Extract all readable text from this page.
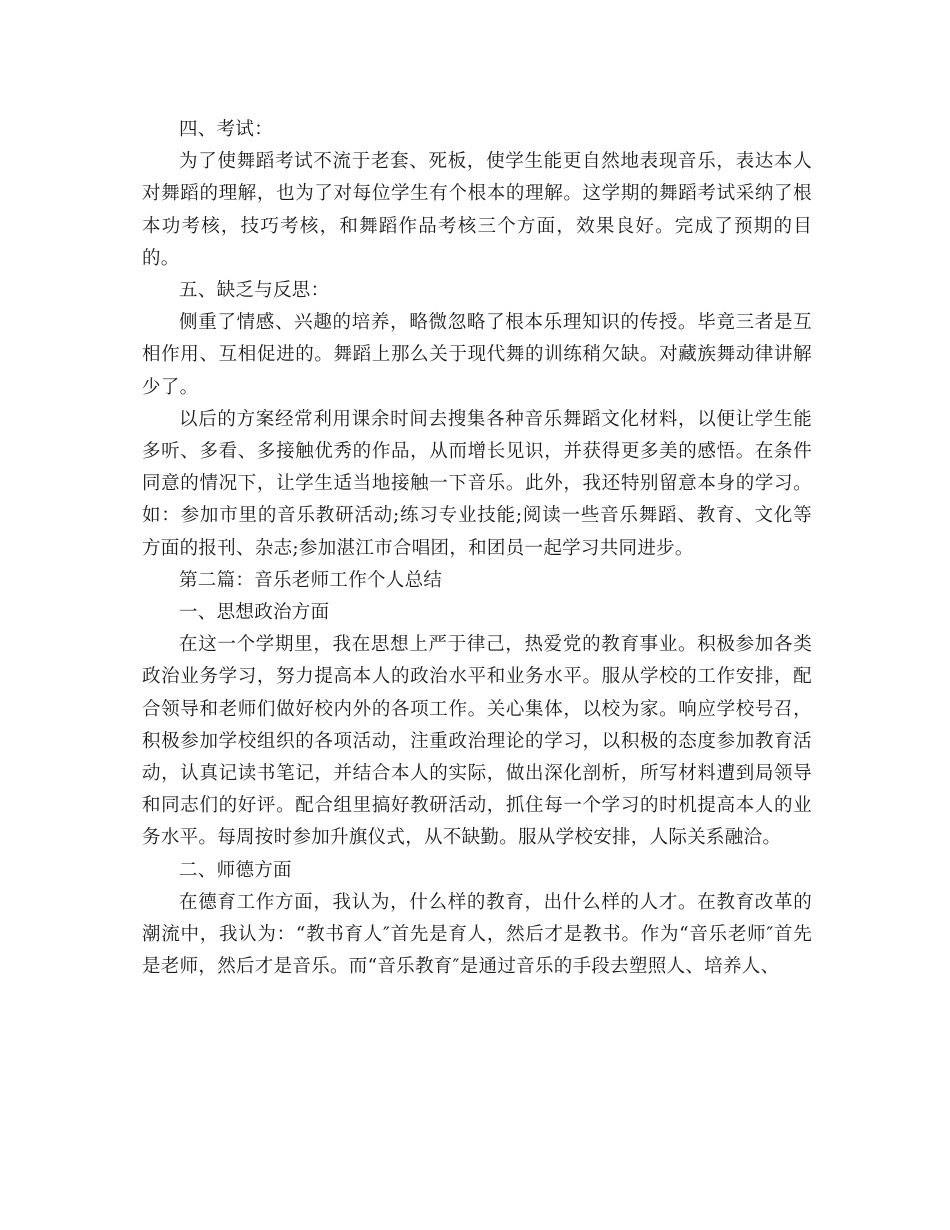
四、考试：

为了使舞蹈考试不流于老套、死板，使学生能更自然地表现音乐，表达本人对舞蹈的理解，也为了对每位学生有个根本的理解。这学期的舞蹈考试采纳了根本功考核，技巧考核，和舞蹈作品考核三个方面，效果良好。完成了预期的目的。

五、缺乏与反思：

侧重了情感、兴趣的培养，略微忽略了根本乐理知识的传授。毕竟三者是互相作用、互相促进的。舞蹈上那么关于现代舞的训练稍欠缺。对藏族舞动律讲解少了。

以后的方案经常利用课余时间去搜集各种音乐舞蹈文化材料，以便让学生能多听、多看、多接触优秀的作品，从而增长见识，并获得更多美的感悟。在条件同意的情况下，让学生适当地接触一下音乐。此外，我还特别留意本身的学习。如：参加市里的音乐教研活动;练习专业技能;阅读一些音乐舞蹈、教育、文化等方面的报刊、杂志;参加湛江市合唱团，和团员一起学习共同进步。

第二篇：音乐老师工作个人总结

一、思想政治方面

在这一个学期里，我在思想上严于律己，热爱党的教育事业。积极参加各类政治业务学习，努力提高本人的政治水平和业务水平。服从学校的工作安排，配合领导和老师们做好校内外的各项工作。关心集体，以校为家。响应学校号召，积极参加学校组织的各项活动，注重政治理论的学习，以积极的态度参加教育活动，认真记读书笔记，并结合本人的实际，做出深化剖析，所写材料遭到局领导和同志们的好评。配合组里搞好教研活动，抓住每一个学习的时机提高本人的业务水平。每周按时参加升旗仪式，从不缺勤。服从学校安排，人际关系融洽。

二、师德方面

在德育工作方面，我认为，什么样的教育，出什么样的人才。在教育改革的潮流中，我认为：“教书育人″首先是育人，然后才是教书。作为“音乐老师″首先是老师，然后才是音乐。而“音乐教育″是通过音乐的手段去塑照人、培养人、
